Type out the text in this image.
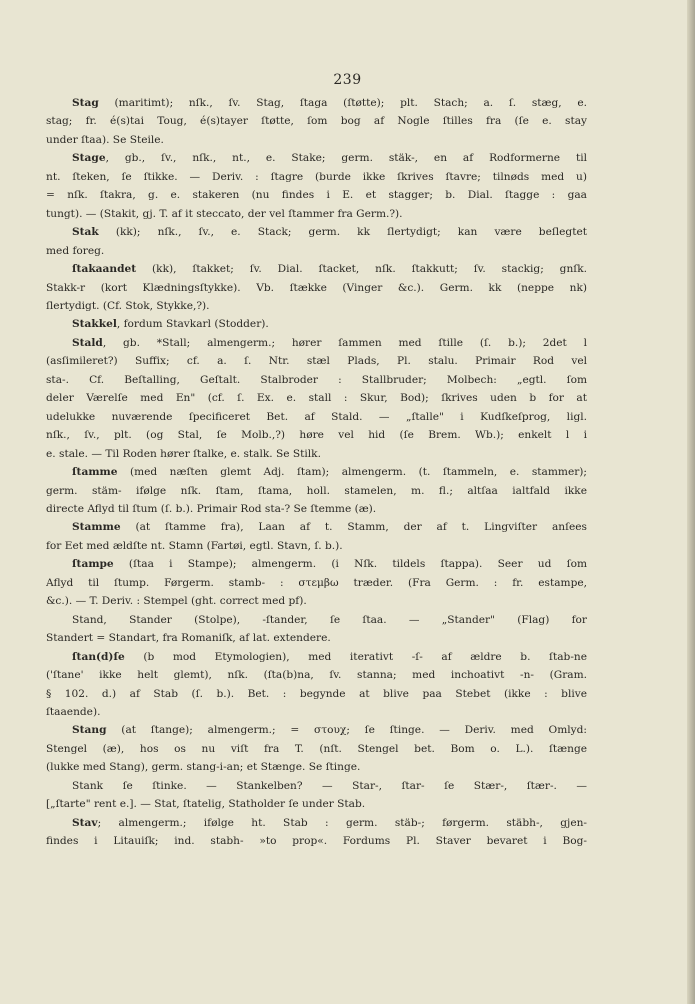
239
Stag (maritimt); nſk., ſv. Stag, ſtaga (ſtøtte); plt. Stach; a. ſ. stæg, e.
stag; fr. é(s)tai Toug, é(s)tayer ſtøtte, ſom bog af Nogle ſtilles fra (ſe e. stay
under ſtaa). Se Steile.
Stage, gb., ſv., nſk., nt., e. Stake; germ. stäk-, en af Rodformerne til
nt. ſteken, ſe ſtikke. — Deriv. : ſtagre (burde ikke ſkrives ſtavre; tilnøds med u)
= nſk. ſtakra, g. e. stakeren (nu findes i E. et stagger; b. Dial. ſtagge : gaa
tungt). — (Stakit, gj. T. af it steccato, der vel ſtammer fra Germ.?).
Stak (kk); nſk., ſv., e. Stack; germ. kk ſlertydigt; kan være beſlegtet
med foreg.
ſtakaandet (kk), ſtakket; ſv. Dial. ſtacket, nſk. ſtakkutt; ſv. stackig; gnſk.
Stakk-r (kort Klædningsſtykke). Vb. ſtække (Vinger &c.). Germ. kk (neppe nk)
ſlertydigt. (Cf. Stok, Stykke,?).
Stakkel, fordum Stavkarl (Stodder).
Stald, gb. *Stall; almengerm.; hører ſammen med ſtille (ſ. b.); 2det l
(asſimileret?) Suffix; cf. a. ſ. Ntr. stæl Plads, Pl. stalu. Primair Rod vel
sta-. Cf. Beſtalling, Geſtalt. Stalbroder : Stallbruder; Molbech: „egtl. ſom
deler Værelſe med En" (cf. ſ. Ex. e. stall : Skur, Bod); ſkrives uden b for at
udelukke nuværende ſpecificeret Bet. af Stald. — „ſtalle" i Kudſkeſprog, ligl.
nſk., ſv., plt. (og Stal, ſe Molb.,?) høre vel hid (ſe Brem. Wb.); enkelt l i
e. stale. — Til Roden hører ſtalke, e. stalk. Se Stilk.
ſtamme (med næſten glemt Adj. ſtam); almengerm. (t. ſtammeln, e. stammer);
germ. stäm- ifølge nſk. ſtam, ſtama, holl. stamelen, m. fl.; altſaa ialtfald ikke
directe Aflyd til ſtum (ſ. b.). Primair Rod sta-? Se ſtemme (æ).
Stamme (at ſtamme fra), Laan af t. Stamm, der af t. Lingviſter anſees
for Eet med ældſte nt. Stamn (Fartøi, egtl. Stavn, ſ. b.).
ſtampe (ſtaa i Stampe); almengerm. (i Nſk. tildels ſtappa). Seer ud ſom
Aflyd til ſtump. Førgerm. stamb- : στεμβω træder. (Fra Germ. : fr. estampe,
&c.). — T. Deriv. : Stempel (ght. correct med pf).
Stand, Stander (Stolpe), -ſtander, ſe ſtaa. — „Stander" (Flag) for
Standert = Standart, fra Romaniſk, af lat. extendere.
ſtan(d)ſe (b mod Etymologien), med iterativt -ſ- af ældre b. ſtab-ne
('ſtane' ikke helt glemt), nſk. (ſta(b)na, ſv. stanna; med inchoativt -n- (Gram.
§ 102. d.) af Stab (ſ. b.). Bet. : begynde at blive paa Stebet (ikke : blive
ſtaaende).
Stang (at ſtange); almengerm.; = στουχ; ſe ſtinge. — Deriv. med Omlyd:
Stengel (æ), hos os nu viſt fra T. (nſt. Stengel bet. Bom o. L.). ſtænge
(lukke med Stang), germ. stang-i-an; et Stænge. Se ſtinge.
Stank ſe ſtinke. — Stankelben? — Star-, ſtar- ſe Stær-, ſtær-. —
[„ſtarte" rent e.]. — Stat, ſtatelig, Statholder ſe under Stab.
Stav; almengerm.; ifølge ht. Stab : germ. stäb-; førgerm. stäbh-, gjen-
findes i Litauiſk; ind. stabh- »to prop«. Fordums Pl. Staver bevaret i Bog-
